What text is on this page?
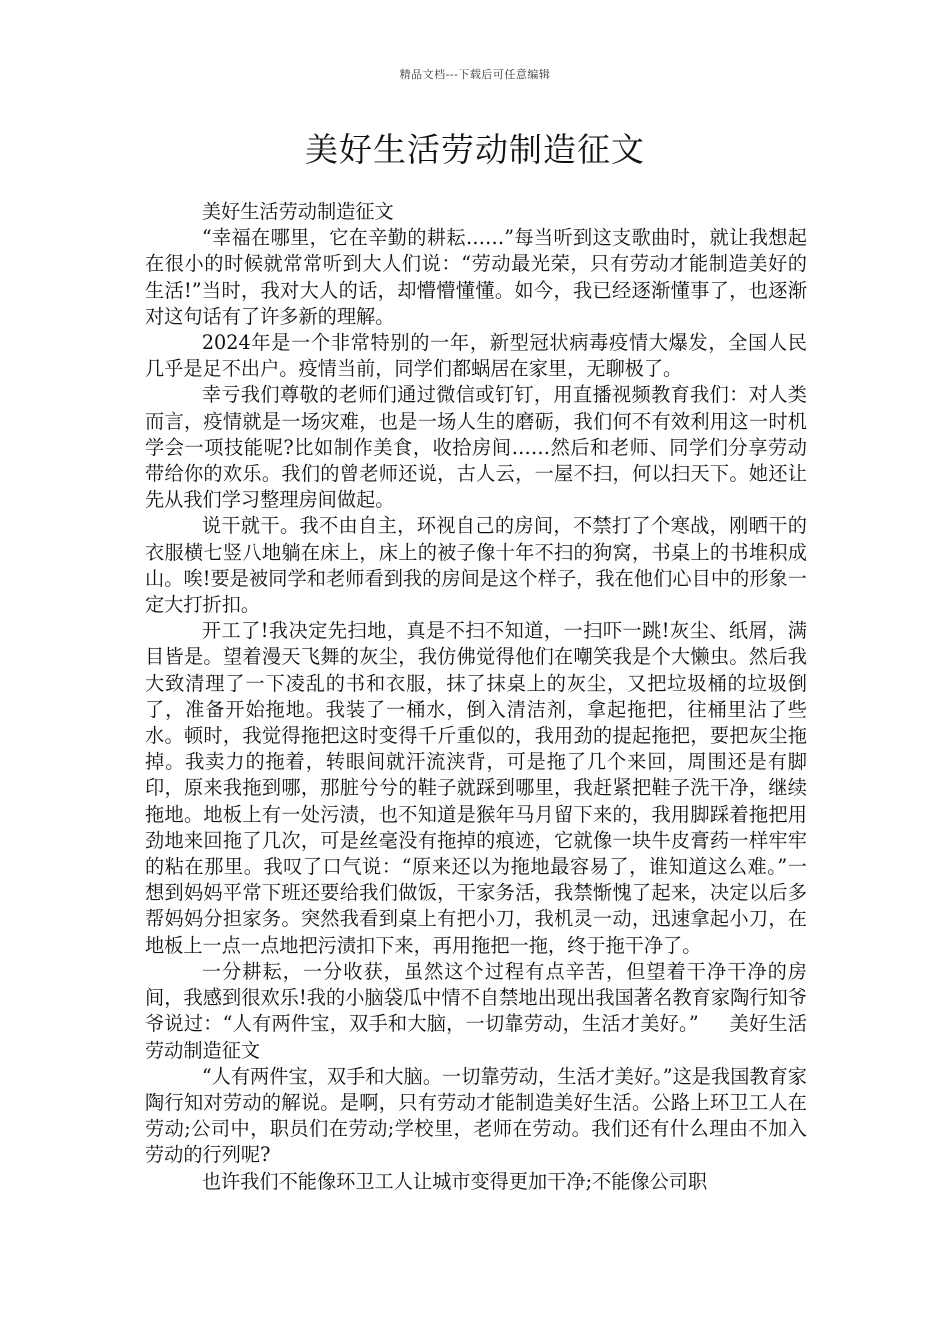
精品文档---下载后可任意编辑
美好生活劳动制造征文

美好生活劳动制造征文

“幸福在哪里，它在辛勤的耕耘……”每当听到这支歌曲时，就让我想起在很小的时候就常常听到大人们说：“劳动最光荣，只有劳动才能制造美好的生活!”当时，我对大人的话，却懵懵懂懂。如今，我已经逐渐懂事了，也逐渐对这句话有了许多新的理解。

2024年是一个非常特别的一年，新型冠状病毒疫情大爆发，全国人民几乎是足不出户。疫情当前，同学们都蜗居在家里，无聊极了。

幸亏我们尊敬的老师们通过微信或钉钉，用直播视频教育我们：对人类而言，疫情就是一场灾难，也是一场人生的磨砺，我们何不有效利用这一时机学会一项技能呢?比如制作美食，收拾房间……然后和老师、同学们分享劳动带给你的欢乐。我们的曾老师还说，古人云，一屋不扫，何以扫天下。她还让先从我们学习整理房间做起。

说干就干。我不由自主，环视自己的房间，不禁打了个寒战，刚晒干的衣服横七竖八地躺在床上，床上的被子像十年不扫的狗窝，书桌上的书堆积成山。唉!要是被同学和老师看到我的房间是这个样子，我在他们心目中的形象一定大打折扣。

开工了!我决定先扫地，真是不扫不知道，一扫吓一跳!灰尘、纸屑，满目皆是。望着漫天飞舞的灰尘，我仿佛觉得他们在嘲笑我是个大懒虫。然后我大致清理了一下凌乱的书和衣服，抹了抹桌上的灰尘，又把垃圾桶的垃圾倒了，准备开始拖地。我装了一桶水，倒入清洁剂，拿起拖把，往桶里沾了些水。顿时，我觉得拖把这时变得千斤重似的，我用劲的提起拖把，要把灰尘拖掉。我卖力的拖着，转眼间就汗流浃背，可是拖了几个来回，周围还是有脚印，原来我拖到哪，那脏兮兮的鞋子就踩到哪里，我赶紧把鞋子洗干净，继续拖地。地板上有一处污渍，也不知道是猴年马月留下来的，我用脚踩着拖把用劲地来回拖了几次，可是丝毫没有拖掉的痕迹，它就像一块牛皮膏药一样牢牢的粘在那里。我叹了口气说：“原来还以为拖地最容易了，谁知道这么难。”一想到妈妈平常下班还要给我们做饭，干家务活，我禁惭愧了起来，决定以后多帮妈妈分担家务。突然我看到桌上有把小刀，我机灵一动，迅速拿起小刀，在地板上一点一点地把污渍扣下来，再用拖把一拖，终于拖干净了。

一分耕耘，一分收获，虽然这个过程有点辛苦，但望着干净干净的房间，我感到很欢乐!我的小脑袋瓜中情不自禁地出现出我国著名教育家陶行知爷爷说过：“人有两件宝，双手和大脑，一切靠劳动，生活才美好。” 美好生活劳动制造征文

“人有两件宝，双手和大脑。一切靠劳动，生活才美好。”这是我国教育家陶行知对劳动的解说。是啊，只有劳动才能制造美好生活。公路上环卫工人在劳动;公司中，职员们在劳动;学校里，老师在劳动。我们还有什么理由不加入劳动的行列呢?

也许我们不能像环卫工人让城市变得更加干净;不能像公司职
